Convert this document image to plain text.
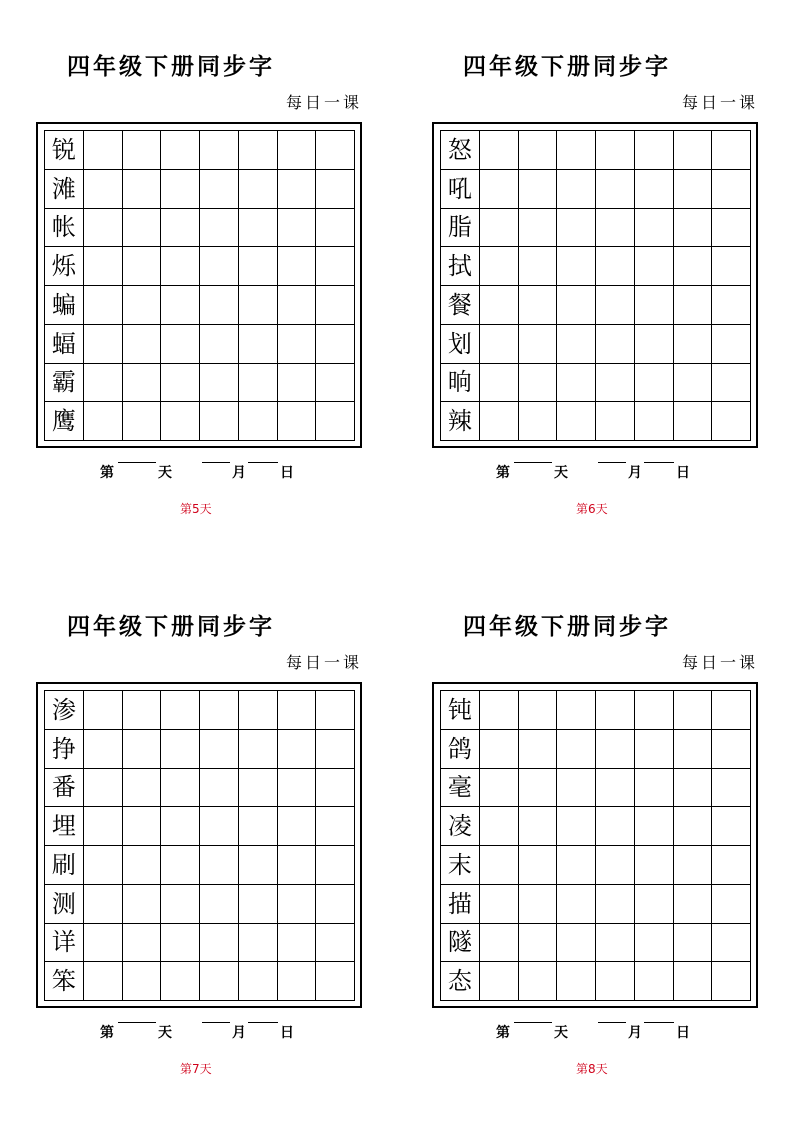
四年级下册同步字
每日一课
锐
滩
帐
烁
蝙
蝠
霸
鹰
第	天	月 日
第5天
四年级下册同步字
每日一课
怒
吼
脂
拭
餐
划
晌
辣
第	天	月 日
第6天
四年级下册同步字
每日一课
渗
挣
番
埋
刷
测
详
笨
第	天	月 日
第7天
四年级下册同步字
每日一课
钝
鸽
毫
凌
末
描
隧
态
第	天	月 日
第8天
